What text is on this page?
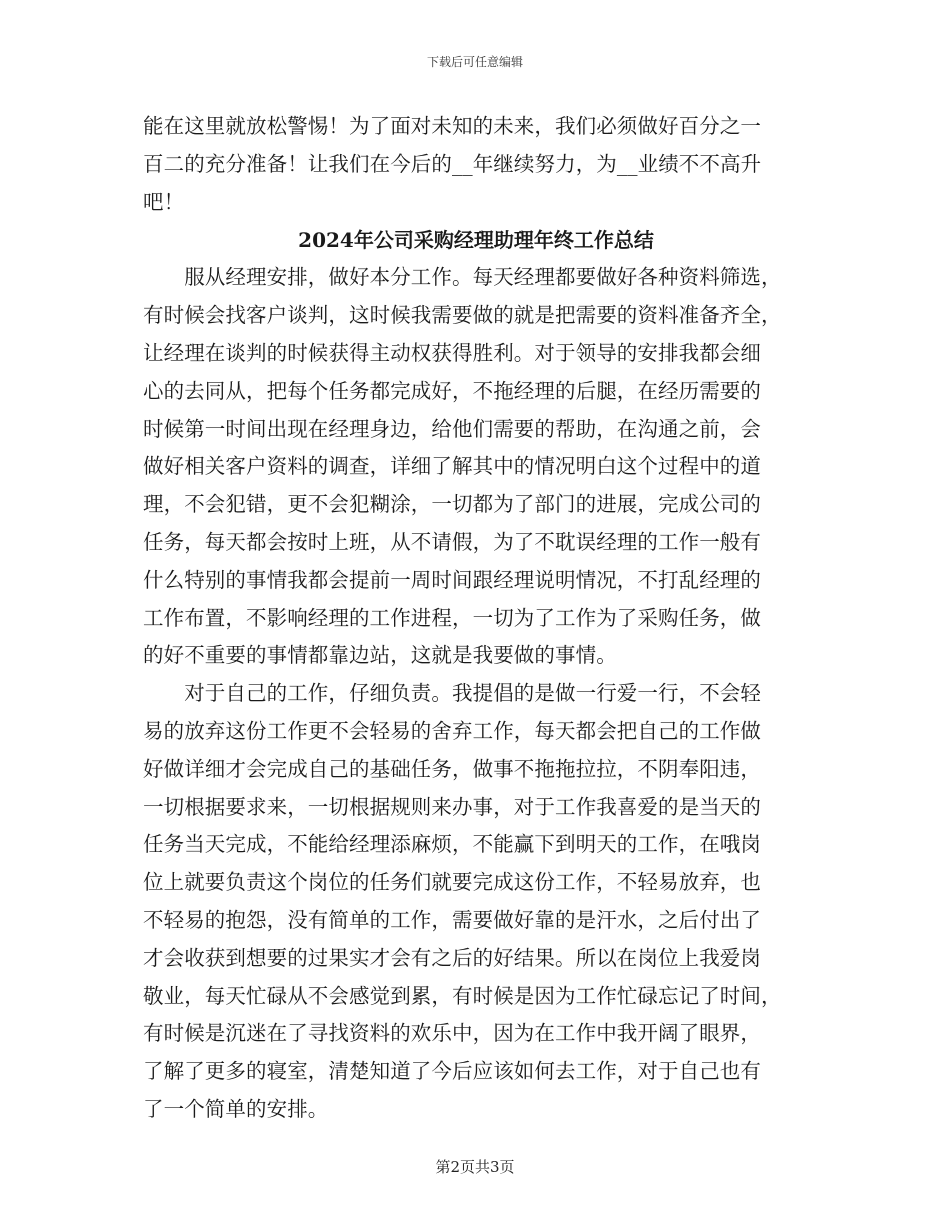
下载后可任意编辑
能在这里就放松警惕！为了面对未知的未来，我们必须做好百分之一
百二的充分准备！让我们在今后的__年继续努力，为__业绩不不高升
吧！
2024年公司采购经理助理年终工作总结
　　服从经理安排，做好本分工作。每天经理都要做好各种资料筛选，
有时候会找客户谈判，这时候我需要做的就是把需要的资料准备齐全，
让经理在谈判的时候获得主动权获得胜利。对于领导的安排我都会细
心的去同从，把每个任务都完成好，不拖经理的后腿，在经历需要的
时候第一时间出现在经理身边，给他们需要的帮助，在沟通之前，会
做好相关客户资料的调查，详细了解其中的情况明白这个过程中的道
理，不会犯错，更不会犯糊涂，一切都为了部门的进展，完成公司的
任务，每天都会按时上班，从不请假，为了不耽误经理的工作一般有
什么特别的事情我都会提前一周时间跟经理说明情况，不打乱经理的
工作布置，不影响经理的工作进程，一切为了工作为了采购任务，做
的好不重要的事情都靠边站，这就是我要做的事情。
　　对于自己的工作，仔细负责。我提倡的是做一行爱一行，不会轻
易的放弃这份工作更不会轻易的舍弃工作，每天都会把自己的工作做
好做详细才会完成自己的基础任务，做事不拖拖拉拉，不阴奉阳违，
一切根据要求来，一切根据规则来办事，对于工作我喜爱的是当天的
任务当天完成，不能给经理添麻烦，不能赢下到明天的工作，在哦岗
位上就要负责这个岗位的任务们就要完成这份工作，不轻易放弃，也
不轻易的抱怨，没有简单的工作，需要做好靠的是汗水，之后付出了
才会收获到想要的过果实才会有之后的好结果。所以在岗位上我爱岗
敬业，每天忙碌从不会感觉到累，有时候是因为工作忙碌忘记了时间，
有时候是沉迷在了寻找资料的欢乐中，因为在工作中我开阔了眼界，
了解了更多的寝室，清楚知道了今后应该如何去工作，对于自己也有
了一个简单的安排。
第2页共3页
